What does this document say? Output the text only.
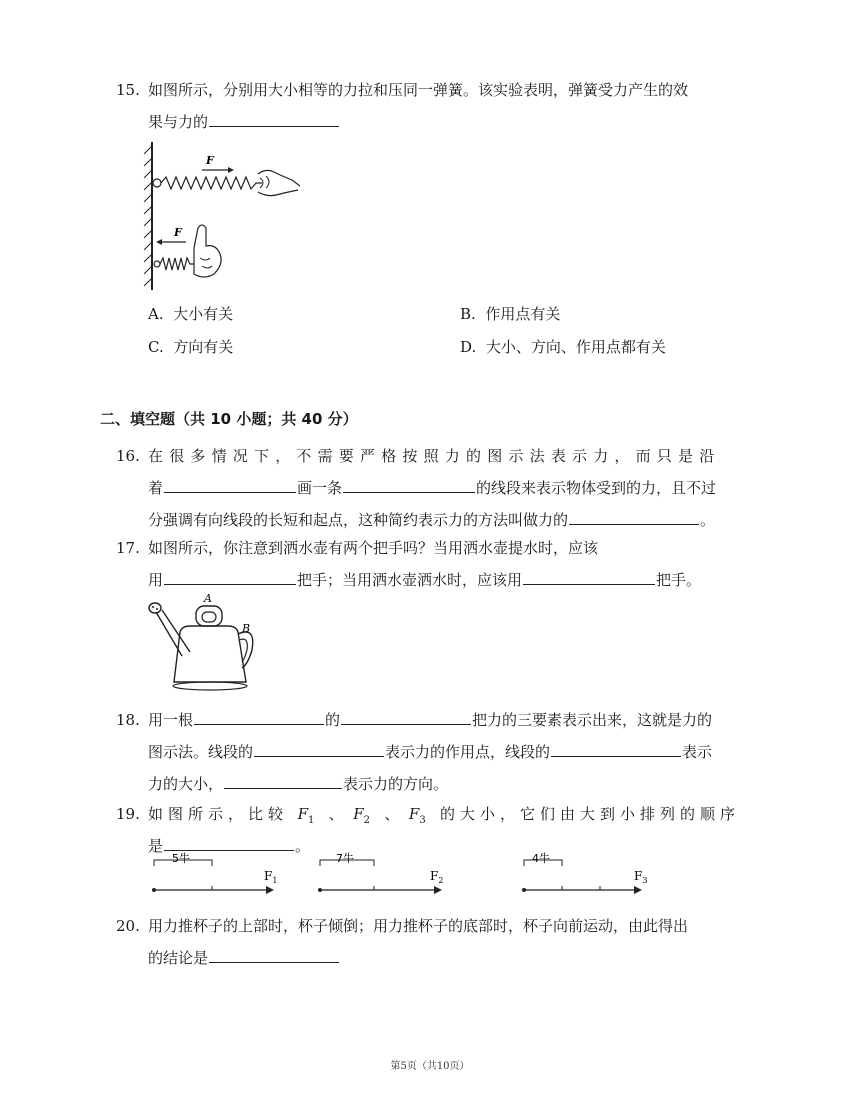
15. 如图所示，分别用大小相等的力拉和压同一弹簧。该实验表明，弹簧受力产生的效
果与力的
F
F
A. 大小有关	B. 作用点有关
C. 方向有关	D. 大小、方向、作用点都有关
二、填空题（共 10 小题；共 40 分）
16. 在很多情况下，不需要严格按照力的图示法表示力，而只是沿
着	画一条	的线段来表示物体受到的力，且不过
分强调有向线段的长短和起点，这种简约表示力的方法叫做力的	。
17. 如图所示，你注意到洒水壶有两个把手吗？当用洒水壶提水时，应该
用	把手；当用洒水壶洒水时，应该用	把手。
A
B
18. 用一根	的	把力的三要素表示出来，这就是力的
图示法。线段的	表示力的作用点，线段的	表示
力的大小，	表示力的方向。
19. 如图所示，比较 $F_1$ 、 $F_2$ 、 $F_3$ 的大小，它们由大到小排列的顺序
是	。
5牛
$F_1$
7牛
$F_2$
4牛
$F_3$
20. 用力推杯子的上部时，杯子倾倒；用力推杯子的底部时，杯子向前运动，由此得出
的结论是
第5页（共10页）
